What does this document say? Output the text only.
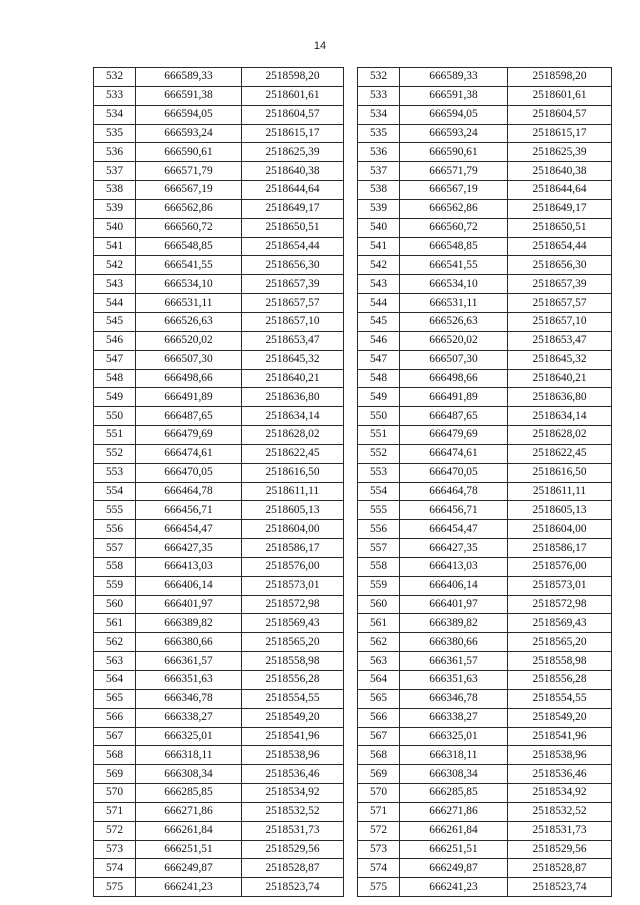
14
532	666589,33	2518598,20
533	666591,38	2518601,61
534	666594,05	2518604,57
535	666593,24	2518615,17
536	666590,61	2518625,39
537	666571,79	2518640,38
538	666567,19	2518644,64
539	666562,86	2518649,17
540	666560,72	2518650,51
541	666548,85	2518654,44
542	666541,55	2518656,30
543	666534,10	2518657,39
544	666531,11	2518657,57
545	666526,63	2518657,10
546	666520,02	2518653,47
547	666507,30	2518645,32
548	666498,66	2518640,21
549	666491,89	2518636,80
550	666487,65	2518634,14
551	666479,69	2518628,02
552	666474,61	2518622,45
553	666470,05	2518616,50
554	666464,78	2518611,11
555	666456,71	2518605,13
556	666454,47	2518604,00
557	666427,35	2518586,17
558	666413,03	2518576,00
559	666406,14	2518573,01
560	666401,97	2518572,98
561	666389,82	2518569,43
562	666380,66	2518565,20
563	666361,57	2518558,98
564	666351,63	2518556,28
565	666346,78	2518554,55
566	666338,27	2518549,20
567	666325,01	2518541,96
568	666318,11	2518538,96
569	666308,34	2518536,46
570	666285,85	2518534,92
571	666271,86	2518532,52
572	666261,84	2518531,73
573	666251,51	2518529,56
574	666249,87	2518528,87
575	666241,23	2518523,74
532	666589,33	2518598,20
533	666591,38	2518601,61
534	666594,05	2518604,57
535	666593,24	2518615,17
536	666590,61	2518625,39
537	666571,79	2518640,38
538	666567,19	2518644,64
539	666562,86	2518649,17
540	666560,72	2518650,51
541	666548,85	2518654,44
542	666541,55	2518656,30
543	666534,10	2518657,39
544	666531,11	2518657,57
545	666526,63	2518657,10
546	666520,02	2518653,47
547	666507,30	2518645,32
548	666498,66	2518640,21
549	666491,89	2518636,80
550	666487,65	2518634,14
551	666479,69	2518628,02
552	666474,61	2518622,45
553	666470,05	2518616,50
554	666464,78	2518611,11
555	666456,71	2518605,13
556	666454,47	2518604,00
557	666427,35	2518586,17
558	666413,03	2518576,00
559	666406,14	2518573,01
560	666401,97	2518572,98
561	666389,82	2518569,43
562	666380,66	2518565,20
563	666361,57	2518558,98
564	666351,63	2518556,28
565	666346,78	2518554,55
566	666338,27	2518549,20
567	666325,01	2518541,96
568	666318,11	2518538,96
569	666308,34	2518536,46
570	666285,85	2518534,92
571	666271,86	2518532,52
572	666261,84	2518531,73
573	666251,51	2518529,56
574	666249,87	2518528,87
575	666241,23	2518523,74
